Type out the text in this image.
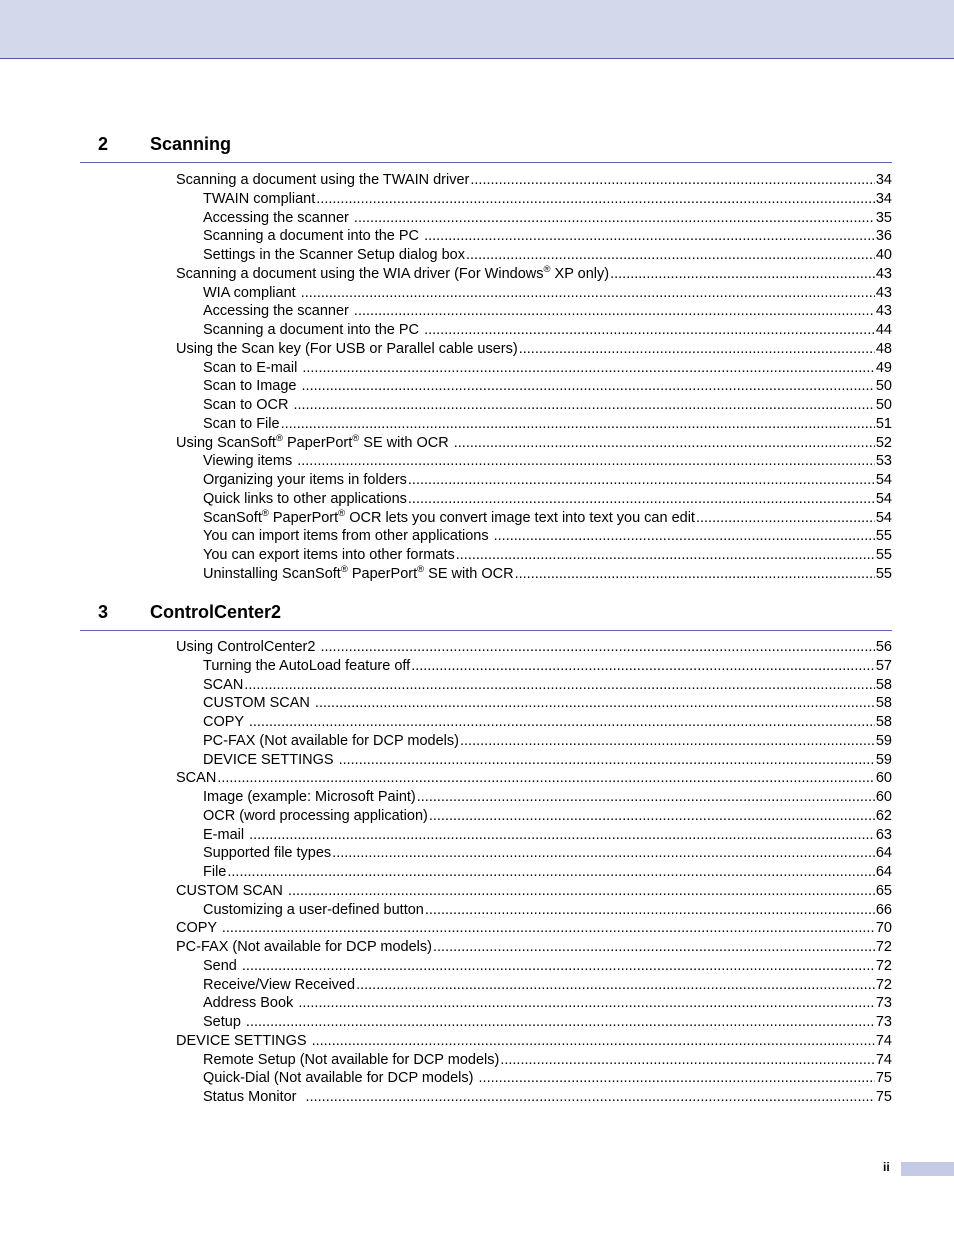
2 Scanning
Scanning a document using the TWAIN driver .....	34
TWAIN compliant .....	34
Accessing the scanner .....	35
Scanning a document into the PC .....	36
Settings in the Scanner Setup dialog box .....	40
Scanning a document using the WIA driver (For Windows® XP only) .....	43
WIA compliant .....	43
Accessing the scanner .....	43
Scanning a document into the PC .....	44
Using the Scan key (For USB or Parallel cable users) .....	48
Scan to E-mail .....	49
Scan to Image .....	50
Scan to OCR .....	50
Scan to File .....	51
Using ScanSoft® PaperPort® SE with OCR .....	52
Viewing items .....	53
Organizing your items in folders .....	54
Quick links to other applications .....	54
ScanSoft® PaperPort® OCR lets you convert image text into text you can edit .....	54
You can import items from other applications .....	55
You can export items into other formats .....	55
Uninstalling ScanSoft® PaperPort® SE with OCR .....	55
3 ControlCenter2
Using ControlCenter2 .....	56
Turning the AutoLoad feature off .....	57
SCAN .....	58
CUSTOM SCAN .....	58
COPY .....	58
PC-FAX (Not available for DCP models) .....	59
DEVICE SETTINGS .....	59
SCAN .....	60
Image (example: Microsoft Paint) .....	60
OCR (word processing application) .....	62
E-mail .....	63
Supported file types .....	64
File .....	64
CUSTOM SCAN .....	65
Customizing a user-defined button .....	66
COPY .....	70
PC-FAX (Not available for DCP models) .....	72
Send .....	72
Receive/View Received .....	72
Address Book .....	73
Setup .....	73
DEVICE SETTINGS .....	74
Remote Setup (Not available for DCP models) .....	74
Quick-Dial (Not available for DCP models) .....	75
Status Monitor .....	75
ii
